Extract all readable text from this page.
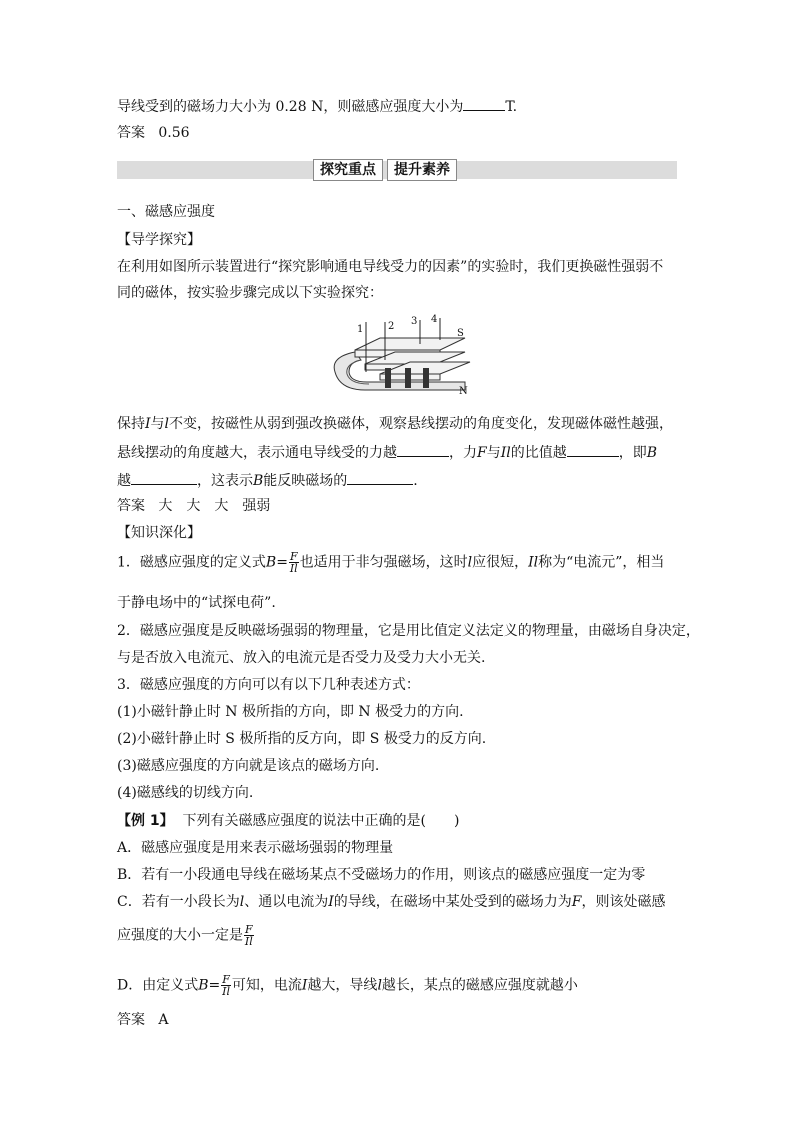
导线受到的磁场力大小为 0.28 N，则磁感应强度大小为	T.
答案 0.56
探究重点	提升素养
一、磁感应强度
【导学探究】
在利用如图所示装置进行“探究影响通电导线受力的因素”的实验时，我们更换磁性强弱不
同的磁体，按实验步骤完成以下实验探究：
1 2 3 4
S
N
保持I与l不变，按磁性从弱到强改换磁体，观察悬线摆动的角度变化，发现磁体磁性越强，
悬线摆动的角度越大，表示通电导线受的力越	，力F与Il的比值越	，即B
越	，这表示B能反映磁场的	.
答案 大　大　大　强弱
【知识深化】
1．磁感应强度的定义式$B= \frac{F}{Il}$ 也适用于非匀强磁场，这时l应很短，Il称为“电流元”，相当
于静电场中的“试探电荷”.
2．磁感应强度是反映磁场强弱的物理量，它是用比值定义法定义的物理量，由磁场自身决定，
与是否放入电流元、放入的电流元是否受力及受力大小无关.
3．磁感应强度的方向可以有以下几种表述方式：
(1)小磁针静止时 N 极所指的方向，即 N 极受力的方向.
(2)小磁针静止时 S 极所指的反方向，即 S 极受力的反方向.
(3)磁感应强度的方向就是该点的磁场方向.
(4)磁感线的切线方向.
【例 1】 下列有关磁感应强度的说法中正确的是(　　)
A．磁感应强度是用来表示磁场强弱的物理量
B．若有一小段通电导线在磁场某点不受磁场力的作用，则该点的磁感应强度一定为零
C．若有一小段长为l、通以电流为I的导线，在磁场中某处受到的磁场力为F，则该处磁感
应强度的大小一定是 $\frac{F}{Il}$
D．由定义式$B= \frac{F}{Il}$ 可知，电流I越大，导线l越长，某点的磁感应强度就越小
答案 A
